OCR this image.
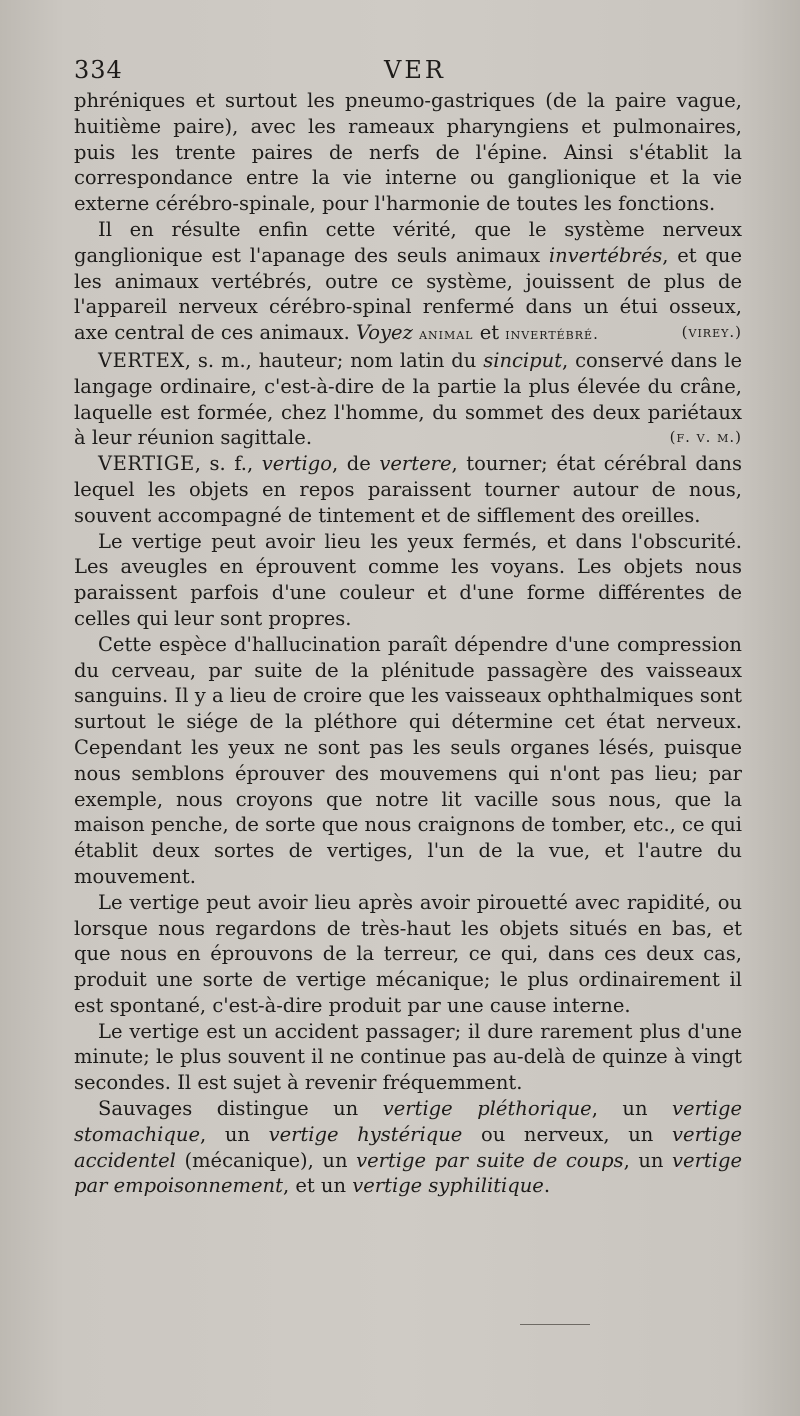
334	VER

phréniques et surtout les pneumo-gastriques (de la paire vague, huitième paire), avec les rameaux pharyngiens et pulmonaires, puis les trente paires de nerfs de l'épine. Ainsi s'établit la correspondance entre la vie interne ou ganglionique et la vie externe cérébro-spinale, pour l'harmonie de toutes les fonctions.

Il en résulte enfin cette vérité, que le système nerveux ganglionique est l'apanage des seuls animaux invertébrés, et que les animaux vertébrés, outre ce système, jouissent de plus de l'appareil nerveux cérébro-spinal renfermé dans un étui osseux, axe central de ces animaux. Voyez animal et invertébré.	(virey.)

VERTEX, s. m., hauteur; nom latin du sinciput, conservé dans le langage ordinaire, c'est-à-dire de la partie la plus élevée du crâne, laquelle est formée, chez l'homme, du sommet des deux pariétaux à leur réunion sagittale.	(f. v. m.)

VERTIGE, s. f., vertigo, de vertere, tourner; état cérébral dans lequel les objets en repos paraissent tourner autour de nous, souvent accompagné de tintement et de sifflement des oreilles.

Le vertige peut avoir lieu les yeux fermés, et dans l'obscurité. Les aveugles en éprouvent comme les voyans. Les objets nous paraissent parfois d'une couleur et d'une forme différentes de celles qui leur sont propres.

Cette espèce d'hallucination paraît dépendre d'une compression du cerveau, par suite de la plénitude passagère des vaisseaux sanguins. Il y a lieu de croire que les vaisseaux ophthalmiques sont surtout le siége de la pléthore qui détermine cet état nerveux. Cependant les yeux ne sont pas les seuls organes lésés, puisque nous semblons éprouver des mouvemens qui n'ont pas lieu; par exemple, nous croyons que notre lit vacille sous nous, que la maison penche, de sorte que nous craignons de tomber, etc., ce qui établit deux sortes de vertiges, l'un de la vue, et l'autre du mouvement.

Le vertige peut avoir lieu après avoir pirouetté avec rapidité, ou lorsque nous regardons de très-haut les objets situés en bas, et que nous en éprouvons de la terreur, ce qui, dans ces deux cas, produit une sorte de vertige mécanique; le plus ordinairement il est spontané, c'est-à-dire produit par une cause interne.

Le vertige est un accident passager; il dure rarement plus d'une minute; le plus souvent il ne continue pas au-delà de quinze à vingt secondes. Il est sujet à revenir fréquemment.

Sauvages distingue un vertige pléthorique, un vertige stomachique, un vertige hystérique ou nerveux, un vertige accidentel (mécanique), un vertige par suite de coups, un vertige par empoisonnement, et un vertige syphilitique.
